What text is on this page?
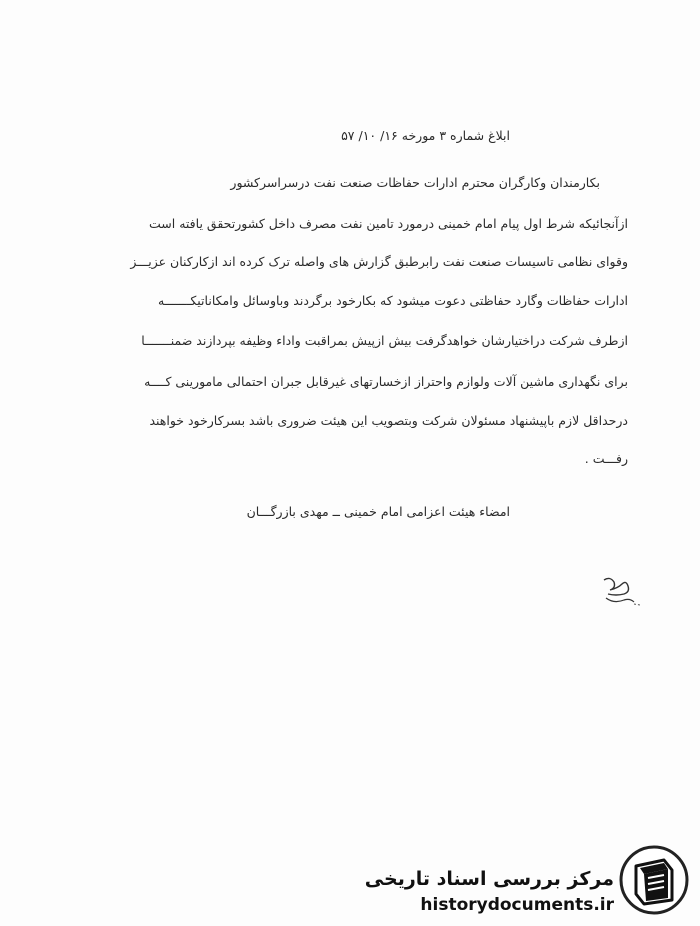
ابلاغ شماره ۳ مورخه ۱۶/ ۱۰/ ۵۷
بکارمندان وکارگران محترم ادارات حفاظات صنعت نفت درسراسرکشور
ازآنجائیکه شرط اول پیام امام خمینی درمورد تامین نفت مصرف داخل کشورتحقق یافته است
وقوای نظامی تاسیسات صنعت نفت رابرطبق گزارش های واصله ترک کرده اند ازکارکنان عزیـــز
ادارات حفاظات وگارد حفاظتی دعوت میشود که بکارخود برگردند وباوسائل وامکاناتیکـــــــه
ازطرف شرکت دراختیارشان خواهدگرفت بیش ازپیش بمراقبت واداء وظیفه بپردازند ضمنـــــــا
برای نگهداری ماشین آلات ولوازم واحتراز ازخسارتهای غیرقابل جبران احتمالی مامورینی کــــه
درحداقل لازم باپیشنهاد مسئولان شرکت وبتصویب این هیئت ضروری باشد بسرکارخود خواهند
رفـــت .
امضاء هیئت اعزامی امام خمینی ــ مهدی بازرگـــان
مرکز بررسی اسناد تاریخی
historydocuments.ir
